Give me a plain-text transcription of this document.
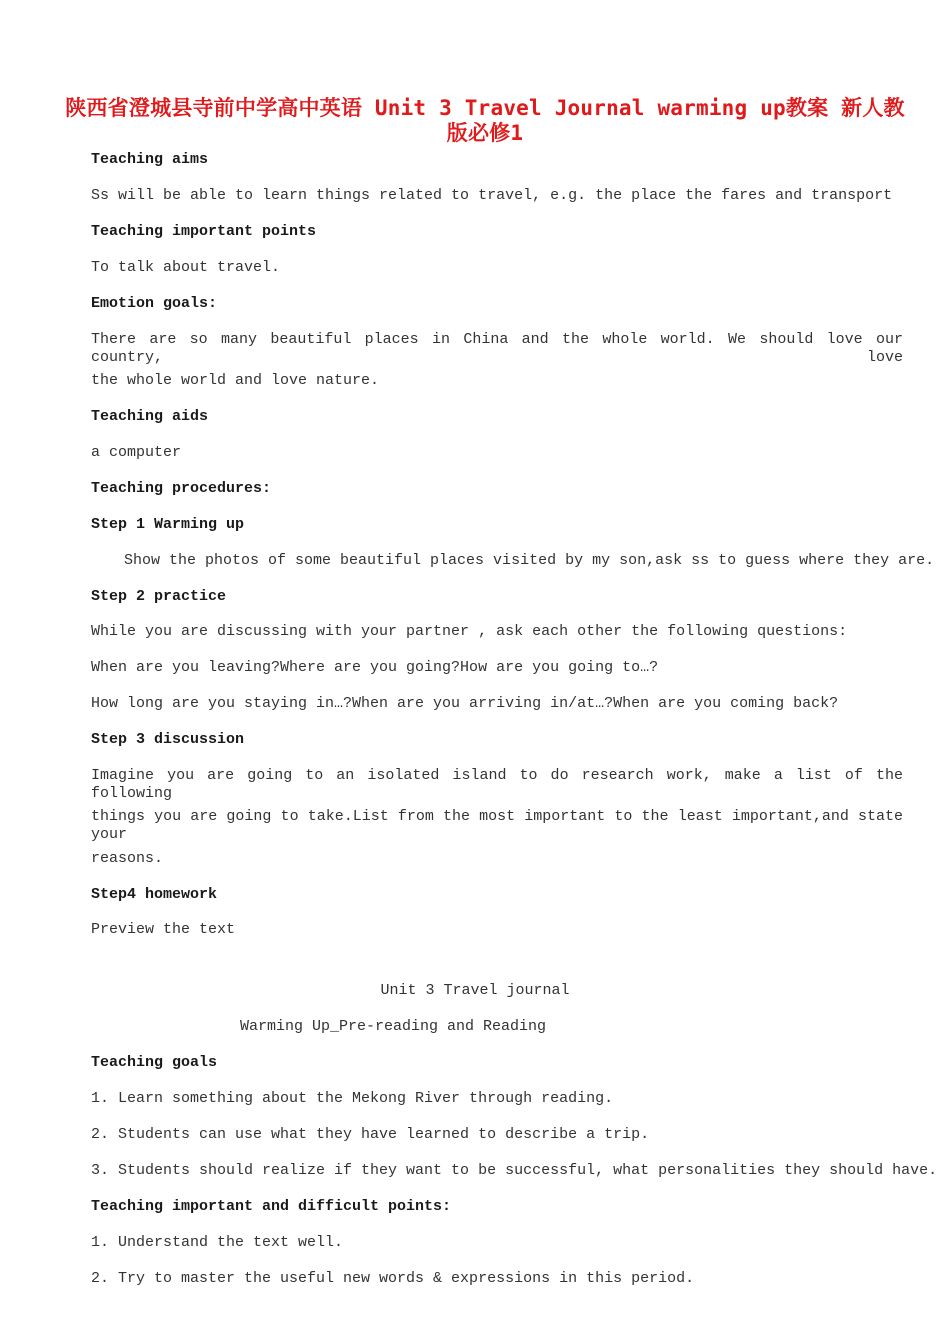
陕西省澄城县寺前中学高中英语 Unit 3 Travel Journal warming up教案 新人教
版必修1
Teaching aims
Ss will be able to learn things related to travel, e.g. the place the fares and transport
Teaching important points
To talk about travel.
Emotion goals:
There are so many beautiful places in China and the whole world. We should love our country, love
the whole world and love nature.
Teaching aids
a computer
Teaching procedures:
Step 1 Warming up
Show the photos of some beautiful places visited by my son,ask ss to guess where they are.
Step 2 practice
While you are discussing with your partner , ask each other the following questions:
When are you leaving?Where are you going?How are you going to…?
How long are you staying in…?When are you arriving in/at…?When are you coming back?
Step 3 discussion
Imagine you are going to an isolated island to do research work, make a list of the following
things you are going to take.List from the most important to the least important,and state your
reasons.
Step4 homework
Preview the text
Unit 3 Travel journal
Warming Up_Pre-reading and Reading
Teaching goals
1. Learn something about the Mekong River through reading.
2. Students can use what they have learned to describe a trip.
3. Students should realize if they want to be successful, what personalities they should have.
Teaching important and difficult points:
1. Understand the text well.
2. Try to master the useful new words & expressions in this period.
